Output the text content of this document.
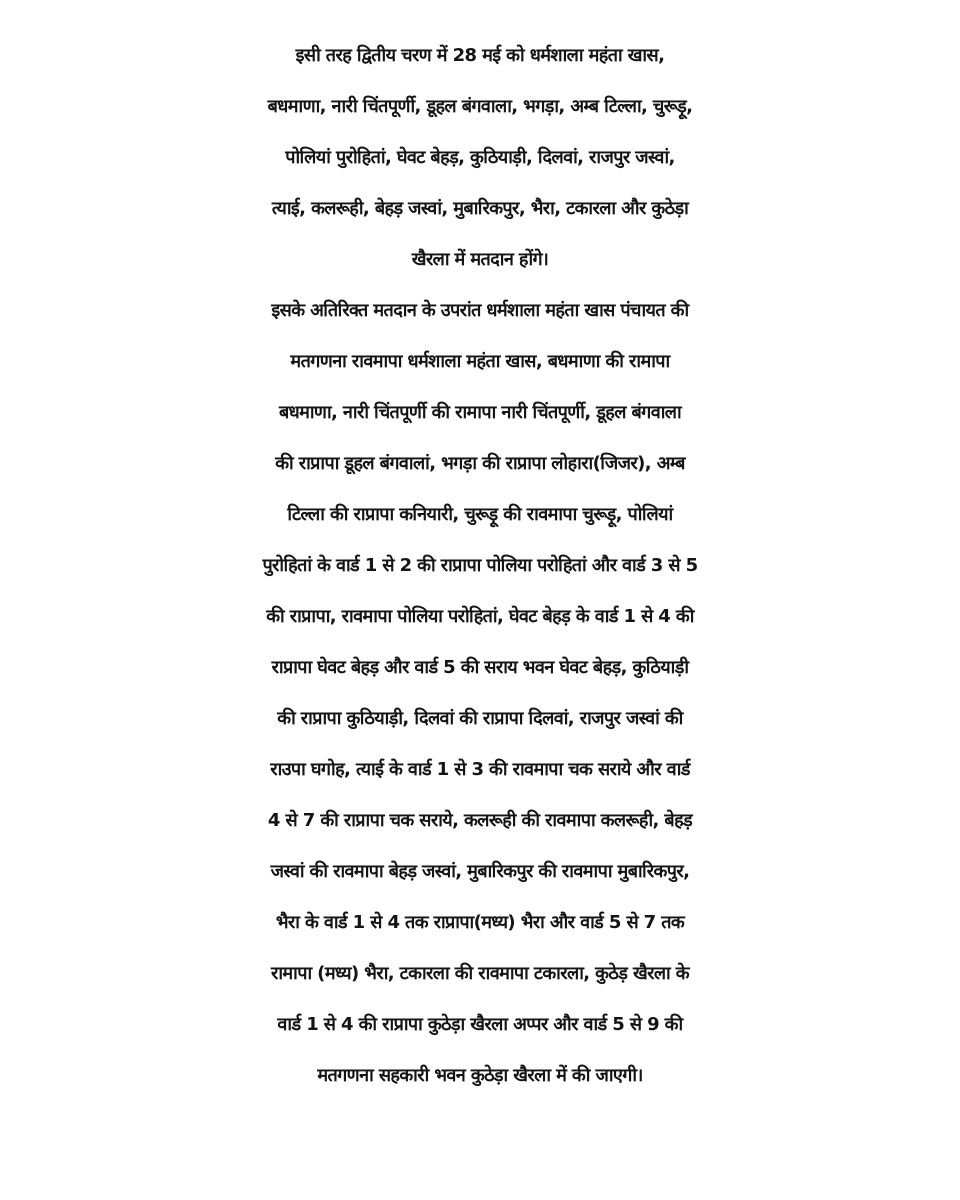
इसी तरह द्वितीय चरण में 28 मई को धर्मशाला महंता खास,
बधमाणा, नारी चिंतपूर्णी, डूहल बंगवाला, भगड़ा, अम्ब टिल्ला, चुरूड़ू,
पोलियां पुरोहितां, घेवट बेहड़, कुठियाड़ी, दिलवां, राजपुर जस्वां,
त्याई, कलरूही, बेहड़ जस्वां, मुबारिकपुर, भैरा, टकारला और कुठेड़ा
खैरला में मतदान होंगे।
इसके अतिरिक्त मतदान के उपरांत धर्मशाला महंता खास पंचायत की
मतगणना रावमापा धर्मशाला महंता खास, बधमाणा की रामापा
बधमाणा, नारी चिंतपूर्णी की रामापा नारी चिंतपूर्णी, डूहल बंगवाला
की राप्रापा डूहल बंगवालां, भगड़ा की राप्रापा लोहारा(जिजर), अम्ब
टिल्ला की राप्रापा कनियारी, चुरूड़ू की रावमापा चुरूड़ू, पोलियां
पुरोहितां के वार्ड 1 से 2 की राप्रापा पोलिया परोहितां और वार्ड 3 से 5
की राप्रापा, रावमापा पोलिया परोहितां, घेवट बेहड़ के वार्ड 1 से 4 की
राप्रापा घेवट बेहड़ और वार्ड 5 की सराय भवन घेवट बेहड़, कुठियाड़ी
की राप्रापा कुठियाड़ी, दिलवां की राप्रापा दिलवां, राजपुर जस्वां की
राउपा घगोह, त्याई के वार्ड 1 से 3 की रावमापा चक सराये और वार्ड
4 से 7 की राप्रापा चक सराये, कलरूही की रावमापा कलरूही, बेहड़
जस्वां की रावमापा बेहड़ जस्वां, मुबारिकपुर की रावमापा मुबारिकपुर,
भैरा के वार्ड 1 से 4 तक राप्रापा(मध्य) भैरा और वार्ड 5 से 7 तक
रामापा (मध्य) भैरा, टकारला की रावमापा टकारला, कुठेड़ खैरला के
वार्ड 1 से 4 की राप्रापा कुठेड़ा खैरला अप्पर और वार्ड 5 से 9 की
मतगणना सहकारी भवन कुठेड़ा खैरला में की जाएगी।
